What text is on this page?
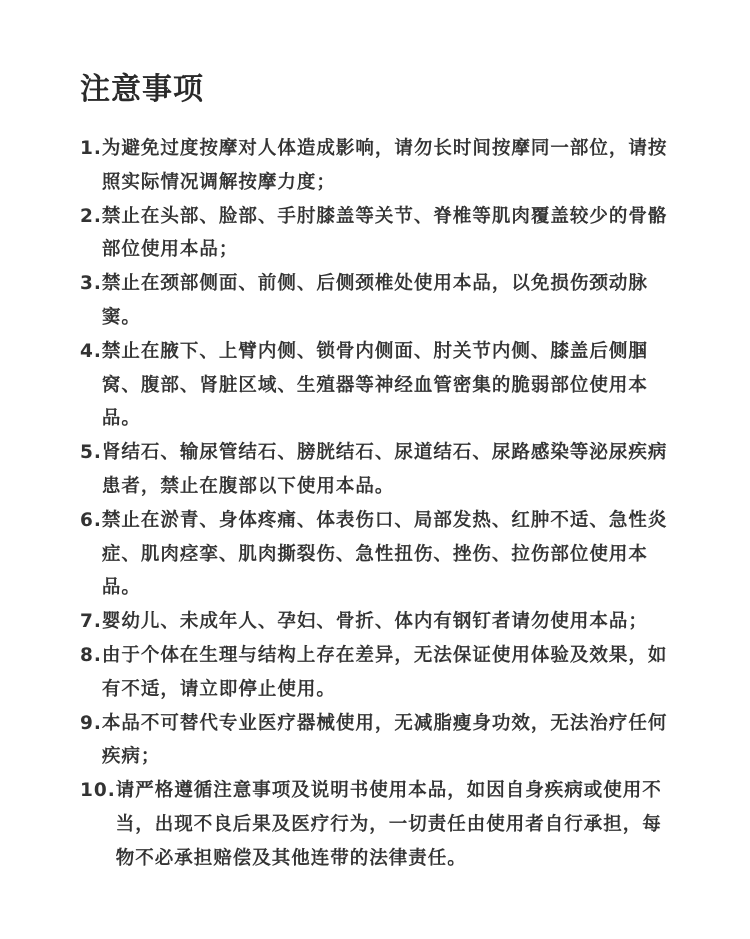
注意事项
1. 为避免过度按摩对人体造成影响，请勿长时间按摩同一部位，请按照实际情况调解按摩力度；
2. 禁止在头部、脸部、手肘膝盖等关节、脊椎等肌肉覆盖较少的骨骼部位使用本品；
3. 禁止在颈部侧面、前侧、后侧颈椎处使用本品，以免损伤颈动脉窦。
4. 禁止在腋下、上臂内侧、锁骨内侧面、肘关节内侧、膝盖后侧腘窝、腹部、肾脏区域、生殖器等神经血管密集的脆弱部位使用本品。
5. 肾结石、输尿管结石、膀胱结石、尿道结石、尿路感染等泌尿疾病患者，禁止在腹部以下使用本品。
6. 禁止在淤青、身体疼痛、体表伤口、局部发热、红肿不适、急性炎症、肌肉痉挛、肌肉撕裂伤、急性扭伤、挫伤、拉伤部位使用本品。
7. 婴幼儿、未成年人、孕妇、骨折、体内有钢钉者请勿使用本品；
8. 由于个体在生理与结构上存在差异，无法保证使用体验及效果，如有不适，请立即停止使用。
9. 本品不可替代专业医疗器械使用，无减脂瘦身功效，无法治疗任何疾病；
10. 请严格遵循注意事项及说明书使用本品，如因自身疾病或使用不当，出现不良后果及医疗行为，一切责任由使用者自行承担，每物不必承担赔偿及其他连带的法律责任。
